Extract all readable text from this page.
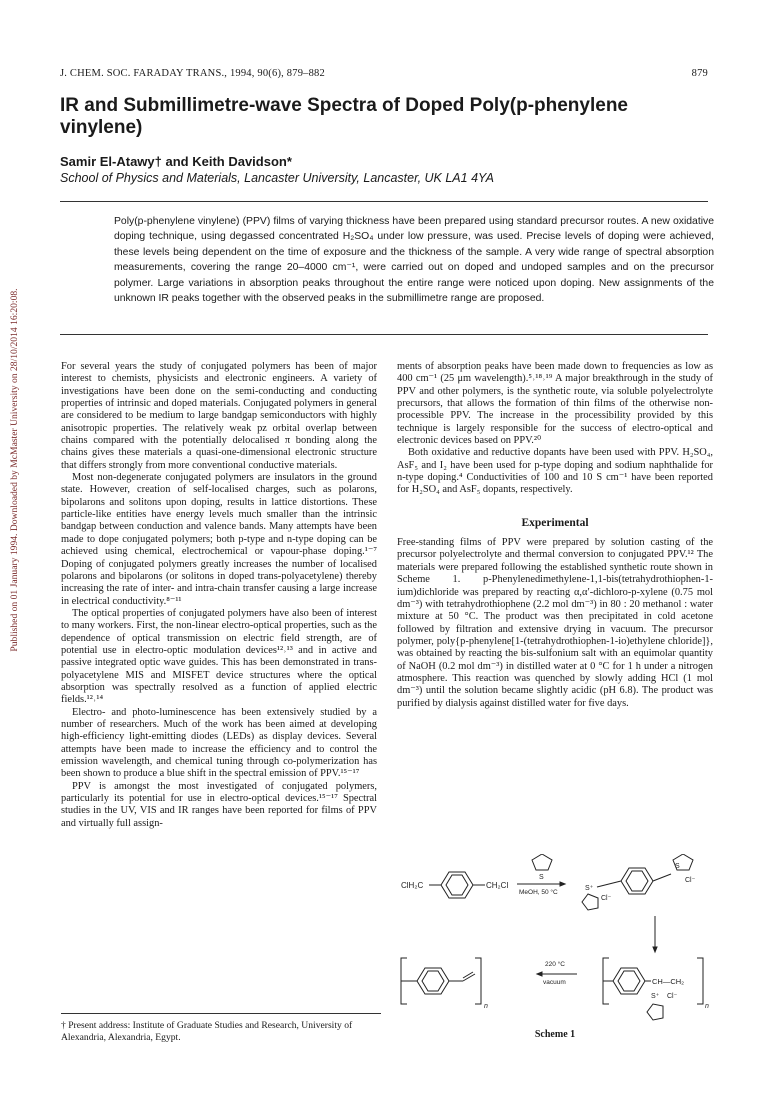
Published on 01 January 1994. Downloaded by McMaster University on 28/10/2014 16:20:08.
J. CHEM. SOC. FARADAY TRANS., 1994, 90(6), 879–882	879
IR and Submillimetre-wave Spectra of Doped Poly(p-phenylene vinylene)
Samir El-Atawy† and Keith Davidson*
School of Physics and Materials, Lancaster University, Lancaster, UK LA1 4YA
Poly(p-phenylene vinylene) (PPV) films of varying thickness have been prepared using standard precursor routes. A new oxidative doping technique, using degassed concentrated H₂SO₄ under low pressure, was used. Precise levels of doping were achieved, these levels being dependent on the time of exposure and the thickness of the sample. A very wide range of spectral absorption measurements, covering the range 20–4000 cm⁻¹, were carried out on doped and undoped samples and on the precursor polymer. Large variations in absorption peaks throughout the entire range were noticed upon doping. New assignments of the unknown IR peaks together with the observed peaks in the submillimetre range are proposed.

For several years the study of conjugated polymers has been of major interest to chemists, physicists and electronic engineers. A variety of investigations have been done on the semi-conducting and conducting properties of intrinsic and doped materials. Conjugated polymers in general are considered to be medium to large bandgap semiconductors with highly anisotropic properties. The relatively weak pz orbital overlap between chains compared with the potentially delocalised π bonding along the chains gives these materials a quasi-one-dimensional electronic structure that differs strongly from more conventional conductive materials.

Most non-degenerate conjugated polymers are insulators in the ground state. However, creation of self-localised charges, such as polarons, bipolarons and solitons upon doping, results in lattice distortions. These particle-like entities have energy levels much smaller than the intrinsic bandgap between conduction and valence bands. Many attempts have been made to dope conjugated polymers; both p-type and n-type doping can be achieved using chemical, electrochemical or vapour-phase doping.¹⁻⁷ Doping of conjugated polymers greatly increases the number of localised polarons and bipolarons (or solitons in doped trans-polyacetylene) thereby increasing the rate of inter- and intra-chain transfer causing a large increase in electrical conductivity.⁸⁻¹¹

The optical properties of conjugated polymers have also been of interest to many workers. First, the non-linear electro-optical properties, such as the dependence of optical transmission on electric field strength, are of potential use in electro-optic modulation devices¹²˒¹³ and in active and passive integrated optic wave guides. This has been demonstrated in trans-polyacetylene MIS and MISFET device structures where the optical absorption was spectrally resolved as a function of applied electric fields.¹²˒¹⁴

Electro- and photo-luminescence has been extensively studied by a number of researchers. Much of the work has been aimed at developing high-efficiency light-emitting diodes (LEDs) as display devices. Several attempts have been made to increase the efficiency and to control the emission wavelength, and chemical tuning through co-polymerization has been shown to produce a blue shift in the spectral emission of PPV.¹⁵⁻¹⁷

PPV is amongst the most investigated of conjugated polymers, particularly its potential for use in electro-optical devices.¹⁵⁻¹⁷ Spectral studies in the UV, VIS and IR ranges have been reported for films of PPV and virtually full assign-

ments of absorption peaks have been made down to frequencies as low as 400 cm⁻¹ (25 μm wavelength).⁵˒¹⁸˒¹⁹ A major breakthrough in the study of PPV and other polymers, is the synthetic route, via soluble polyelectrolyte precursors, that allows the formation of thin films of the otherwise non-processible PPV. The increase in the processibility provided by this technique is largely responsible for the success of electro-optical and electronic devices based on PPV.²⁰

Both oxidative and reductive dopants have been used with PPV. H₂SO₄, AsF₅ and I₂ have been used for p-type doping and sodium naphthalide for n-type doping.⁴ Conductivities of 100 and 10 S cm⁻¹ have been reported for H₂SO₄ and AsF₅ dopants, respectively.

Experimental

Free-standing films of PPV were prepared by solution casting of the precursor polyelectrolyte and thermal conversion to conjugated PPV.¹² The materials were prepared following the established synthetic route shown in Scheme 1. p-Phenylenedimethylene-1,1-bis(tetrahydrothiophen-1-ium)dichloride was prepared by reacting α,α′-dichloro-p-xylene (0.75 mol dm⁻³) with tetrahydrothiophene (2.2 mol dm⁻³) in 80 : 20 methanol : water mixture at 50 °C. The product was then precipitated in cold acetone followed by filtration and extensive drying in vacuum. The precursor polymer, poly{p-phenylene[1-(tetrahydrothiophen-1-io)ethylene chloride]}, was obtained by reacting the bis-sulfonium salt with an equimolar quantity of NaOH (0.2 mol dm⁻³) in distilled water at 0 °C for 1 h under a nitrogen atmosphere. This reaction was quenched by slowly adding HCl (1 mol dm⁻³) until the solution became slightly acidic (pH 6.8). The product was purified by dialysis against distilled water for five days.

ClH₂C	CH₂Cl
S
MeOH, 50 °C
S⁺
Cl⁻
S
Cl⁻
n
220 °C
vacuum	CH—CH₂
n
S⁺ Cl⁻
Scheme 1
† Present address: Institute of Graduate Studies and Research, University of Alexandria, Alexandria, Egypt.
